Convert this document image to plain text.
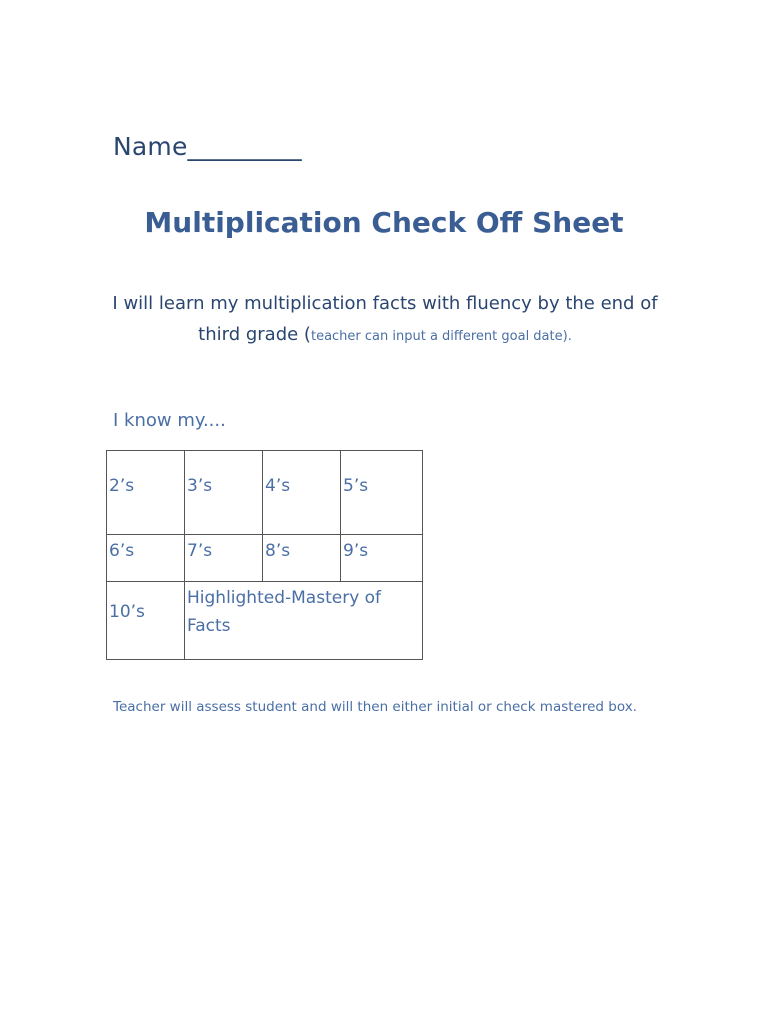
Name_________
Multiplication Check Off Sheet
I will learn my multiplication facts with fluency by the end of third grade (teacher can input a different goal date).
I know my....
2’s	3’s	4’s	5’s

6’s	7’s	8’s	9’s

10’s	Highlighted-Mastery of Facts		
Teacher will assess student and will then either initial or check mastered box.
